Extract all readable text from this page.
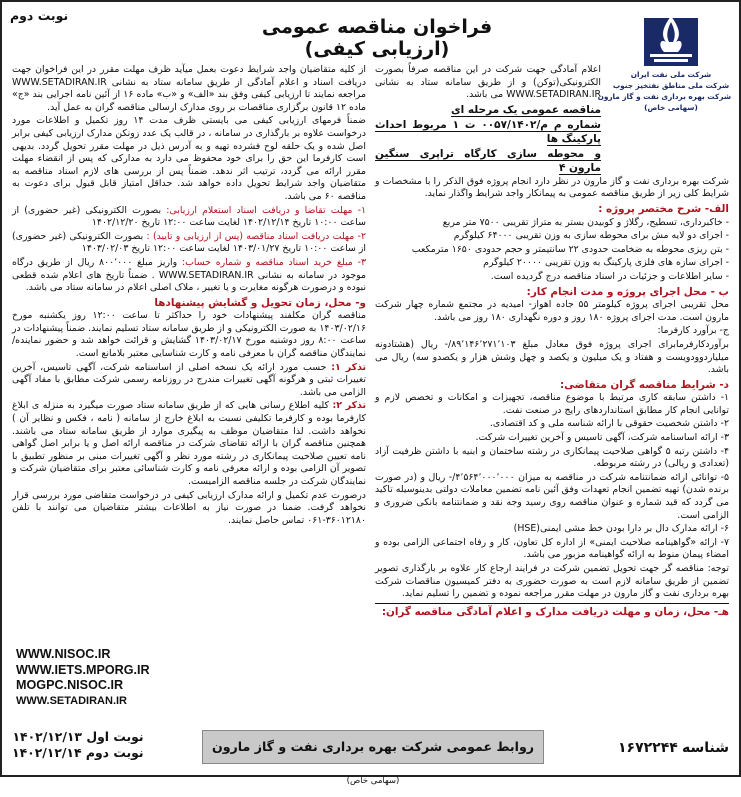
شرکت ملی نفت ایران
شرکت ملی مناطق نفتخیز جنوب
شرکت بهره برداری نفت و گاز مارون
(سهامی خاص)
فراخوان مناقصه عمومی (ارزیابی کیفی)
نوبت دوم

اعلام آمادگی جهت شرکت در این مناقصه صرفاً بصورت الکترونیکی(توکن) و از طریق سامانه ستاد به نشانی WWW.SETADIRAN.IR می باشد.

مناقصه عمومی یک مرحله ای

شماره م م/۰۰۵۷/۱۴۰۲ ت ۱ مربوط احداث پارکینگ ها

و محوطه سازی کارگاه تراپری سنگین مارون ۴

شرکت بهره برداری نفت و گاز مارون در نظر دارد انجام پروژه فوق الذکر را با مشخصات و شرایط کلی زیر از طریق مناقصه عمومی به پیمانکار واجد شرایط واگذار نماید.

الف- شرح مختصر پروژه :

- خاکبرداری، تسطیح، رگلاژ و کوبیدن بستر به متراژ تقریبی ۷۵۰۰ متر مربع

- اجرای دو لایه مش برای محوطه سازی به وزن تقریبی ۶۴۰۰۰ کیلوگرم

- بتن ریزی محوطه به ضخامت حدودی ۲۲ سانتیمتر و حجم حدودی ۱۶۵۰ مترمکعب

- اجرای سازه های فلزی پارکینگ به وزن تقریبی ۲۰۰۰۰ کیلوگرم

- سایر اطلاعات و جزئیات در اسناد مناقصه درج گردیده است.

ب - محل اجرای پروژه و مدت انجام کار:

محل تقریبی اجرای پروژه کیلومتر ۵۵ جاده اهواز- امیدیه در مجتمع شماره چهار شرکت مارون است. مدت اجرای پروژه ۱۸۰ روز و دوره نگهداری ۱۸۰ روز می باشد.

ج- برآورد کارفرما:

برآوردکارفرمابرای اجرای پروژه فوق معادل مبلغ ۸۹٬۱۴۶٬۲۷۱٬۱۰۳/- ریال (هشتادونه میلیاردوودویست و هفتاد و یک میلیون و یکصد و چهل وشش هزار و یکصدو سه) ریال می باشد.

د- شرایط مناقصه گران متقاضی:

۱- داشتن سابقه کاری مرتبط با موضوع مناقصه، تجهیزات و امکانات و تخصص لازم و توانایی انجام کار مطابق استانداردهای رایج در صنعت نفت.

۲- داشتن شخصیت حقوقی با ارائه شناسه ملی و کد اقتصادی.

۳- ارائه اساسنامه شرکت، آگهی تاسیس و آخرین تغییرات شرکت.

۴- داشتن رتبه ۵ گواهی صلاحیت پیمانکاری در رشته ساختمان و ابنیه با داشتن ظرفیت آزاد (تعدادی و ریالی) در رشته مربوطه.

۵- توانائی ارائه ضمانتنامه شرکت در مناقصه به میزان ۴٬۵۶۴٬۰۰۰٬۰۰۰/- ریال و (در صورت برنده شدن) تهیه تضمین انجام تعهدات وفق آئین نامه تضمین معاملات دولتی بدینوسیله تاکید می گردد که قید شماره و عنوان مناقصه روی رسید وجه نقد و ضمانتنامه بانکی ضروری و الزامی است.

۶- ارائه مدارک دال بر دارا بودن خط مشی ایمنی(HSE)

۷- ارائه «گواهینامه صلاحیت ایمنی» از اداره کل تعاون، کار و رفاه اجتماعی الزامی بوده و امضاء پیمان منوط به ارائه گواهینامه مزبور می باشد.

توجه: مناقصه گر جهت تحویل تضمین شرکت در فرایند ارجاع کار علاوه بر بارگذاری تصویر تضمین از طریق سامانه لازم است به صورت حضوری به دفتر کمیسیون مناقصات شرکت بهره برداری نفت و گاز مارون در مهلت مقرر مراجعه نموده و تضمین را تسلیم نماید.

هـ- محل، زمان و مهلت دریافت مدارک و اعلام آمادگی مناقصه گران:

از کلیه متقاضیان واجد شرایط دعوت بعمل میآید ظرف مهلت مقرر در این فراخوان جهت دریافت اسناد و اعلام آمادگی از طریق سامانه ستاد به نشانی WWW.SETADIRAN.IR مراجعه نمایند تا ارزیابی کیفی وفق بند «الف» و «ب» ماده ۱۶ از آئین نامه اجرایی بند «ج» ماده ۱۲ قانون برگزاری مناقصات بر روی مدارک ارسالی مناقصه گران به عمل آید.

ضمناً فرمهای ارزیابی کیفی می بایستی ظرف مدت ۱۴ روز تکمیل و اطلاعات مورد درخواست علاوه بر بارگذاری در سامانه ، در قالب یک عدد زونکن مدارک ارزیابی کیفی برابر اصل شده و یک حلقه لوح فشرده تهیه و به آدرس ذیل در مهلت مقرر تحویل گردد. بدیهی است کارفرما این حق را برای خود محفوظ می دارد به مدارکی که پس از انقضاء مهلت مقرر ارائه می گردد، ترتیب اثر ندهد. ضمناً پس از بررسی های لازم اسناد مناقصه به متقاضیان واجد شرایط تحویل داده خواهد شد. حداقل امتیاز قابل قبول برای دعوت به مناقصه ۶۰ می باشد.

۱- مهلت تقاضا و دریافت اسناد استعلام ارزیابی: بصورت الکترونیکی (غیر حضوری) از ساعت ۱۰:۰۰ تاریخ ۱۴۰۲/۱۲/۱۴ لغایت ساعت ۱۲:۰۰ تاریخ ۱۴۰۲/۱۲/۲۰

۲- مهلت دریافت اسناد مناقصه (پس از ارزیابی و تایید) : بصورت الکترونیکی (غیر حضوری) از ساعت ۱۰:۰۰ تاریخ ۱۴۰۳/۰۱/۲۷ لغایت ساعت ۱۲:۰۰ تاریخ ۱۴۰۳/۰۲/۰۳

۳- مبلغ خرید اسناد مناقصه و شماره حساب: واریز مبلغ ۸۰۰٬۰۰۰ ریال از طریق درگاه موجود در سامانه به نشانی WWW.SETADIRAN.IR . ضمناً تاریخ های اعلام شده قطعی نبوده و درصورت هرگونه مغایرت و یا تغییر ، ملاک اصلی اعلام در سامانه ستاد می باشد.

و- محل، زمان تحویل و گشایش پیشنهادها

مناقصه گران مکلفند پیشنهادات خود را حداکثر تا ساعت ۱۲:۰۰ روز یکشنبه مورخ ۱۴۰۳/۰۲/۱۶ به صورت الکترونیکی و از طریق سامانه ستاد تسلیم نمایند. ضمناً پیشنهادات در ساعت ۸:۰۰ روز دوشنبه مورخ ۱۴۰۳/۰۲/۱۷ گشایش و قرائت خواهد شد و حضور نماینده/ نمایندگان مناقصه گران با معرفی نامه و کارت شناسایی معتبر بلامانع است.

تذکر ۱: حسب مورد ارائه یک نسخه اصلی از اساسنامه شرکت، آگهی تاسیس، آخرین تغییرات ثبتی و هرگونه آگهی تغییرات مندرج در روزنامه رسمی شرکت مطابق با مفاد آگهی الزامی می باشد.

تذکر ۲: کلیه اطلاع رسانی هایی که از طریق سامانه ستاد صورت میگیرد به منزله ی ابلاغ کارفرما بوده و کارفرما تکلیفی نسبت به ابلاغ خارج از سامانه ( نامه ، فکس و نظایر آن ) نخواهد داشت. لذا متقاضیان موظف به پیگیری موارد از طریق سامانه ستاد می باشند. همچنین مناقصه گران با ارائه تقاضای شرکت در مناقصه ارائه اصل و یا برابر اصل گواهی نامه تعیین صلاحیت پیمانکاری در رشته مورد نظر و آگهی تغییرات مبنی بر منظور تطبیق با تصویر آن الزامی بوده و ارائه معرفی نامه و کارت شناسائی معتبر برای متقاضیان شرکت و نمایندگان شرکت در جلسه مناقصه الزامیست.

درصورت عدم تکمیل و ارائه مدارک ارزیابی کیفی در درخواست متقاضی مورد بررسی قرار نخواهد گرفت. ضمنا در صورت نیاز به اطلاعات بیشتر متقاضیان می توانند با تلفن ۳۶۰۱۲۱۸۰-۰۶۱ تماس حاصل نمایند.

WWW.NISOC.IR
WWW.IETS.MPORG.IR
MOGPC.NISOC.IR
WWW.SETADIRAN.IR
نوبت اول ۱۴۰۲/۱۲/۱۳
نوبت دوم ۱۴۰۲/۱۲/۱۴	روابط عمومی شرکت بهره برداری نفت و گاز مارون (سهامی خاص)
شناسه ۱۶۷۲۲۴۴
